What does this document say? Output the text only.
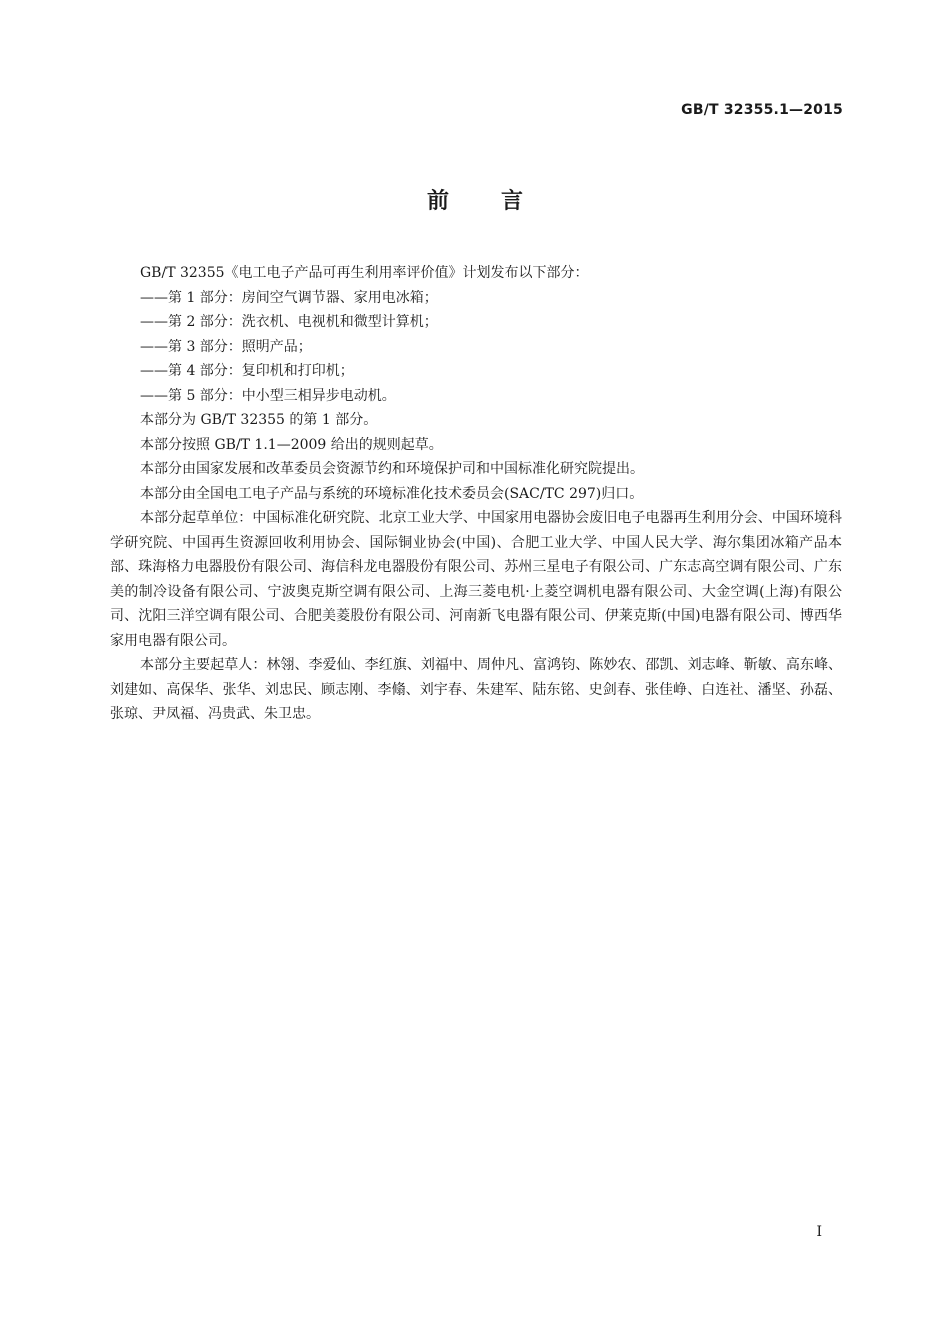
GB/T 32355.1—2015
前言

GB/T 32355《电工电子产品可再生利用率评价值》计划发布以下部分：

——第 1 部分：房间空气调节器、家用电冰箱；

——第 2 部分：洗衣机、电视机和微型计算机；

——第 3 部分：照明产品；

——第 4 部分：复印机和打印机；

——第 5 部分：中小型三相异步电动机。

本部分为 GB/T 32355 的第 1 部分。

本部分按照 GB/T 1.1—2009 给出的规则起草。

本部分由国家发展和改革委员会资源节约和环境保护司和中国标准化研究院提出。

本部分由全国电工电子产品与系统的环境标准化技术委员会(SAC/TC 297)归口。

本部分起草单位：中国标准化研究院、北京工业大学、中国家用电器协会废旧电子电器再生利用分会、中国环境科学研究院、中国再生资源回收利用协会、国际铜业协会(中国)、合肥工业大学、中国人民大学、海尔集团冰箱产品本部、珠海格力电器股份有限公司、海信科龙电器股份有限公司、苏州三星电子有限公司、广东志高空调有限公司、广东美的制冷设备有限公司、宁波奥克斯空调有限公司、上海三菱电机·上菱空调机电器有限公司、大金空调(上海)有限公司、沈阳三洋空调有限公司、合肥美菱股份有限公司、河南新飞电器有限公司、伊莱克斯(中国)电器有限公司、博西华家用电器有限公司。

本部分主要起草人：林翎、李爱仙、李红旗、刘福中、周仲凡、富鸿钧、陈妙农、邵凯、刘志峰、靳敏、高东峰、刘建如、高保华、张华、刘忠民、顾志刚、李翛、刘宇春、朱建军、陆东铭、史剑春、张佳峥、白连社、潘坚、孙磊、张琼、尹凤福、冯贵武、朱卫忠。

I
